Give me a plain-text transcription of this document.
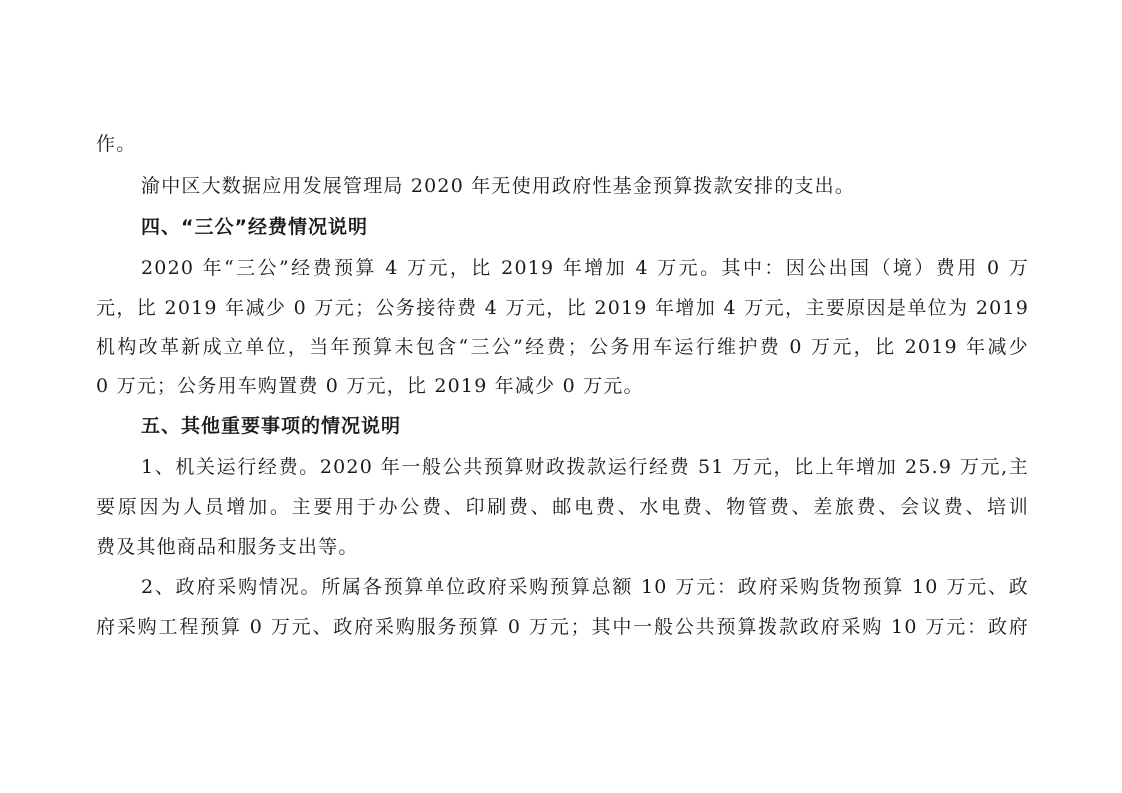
作。
渝中区大数据应用发展管理局 2020 年无使用政府性基金预算拨款安排的支出。
四、“三公”经费情况说明
2020 年“三公”经费预算 4 万元，比 2019 年增加 4 万元。其中：因公出国（境）费用 0 万
元，比 2019 年减少 0 万元；公务接待费 4 万元，比 2019 年增加 4 万元，主要原因是单位为 2019
机构改革新成立单位，当年预算未包含“三公”经费；公务用车运行维护费 0 万元，比 2019 年减少
0 万元；公务用车购置费 0 万元，比 2019 年减少 0 万元。
五、其他重要事项的情况说明
1、机关运行经费。2020 年一般公共预算财政拨款运行经费 51 万元，比上年增加 25.9 万元,主
要原因为人员增加。主要用于办公费、印刷费、邮电费、水电费、物管费、差旅费、会议费、培训
费及其他商品和服务支出等。
2、政府采购情况。所属各预算单位政府采购预算总额 10 万元：政府采购货物预算 10 万元、政
府采购工程预算 0 万元、政府采购服务预算 0 万元；其中一般公共预算拨款政府采购 10 万元：政府
